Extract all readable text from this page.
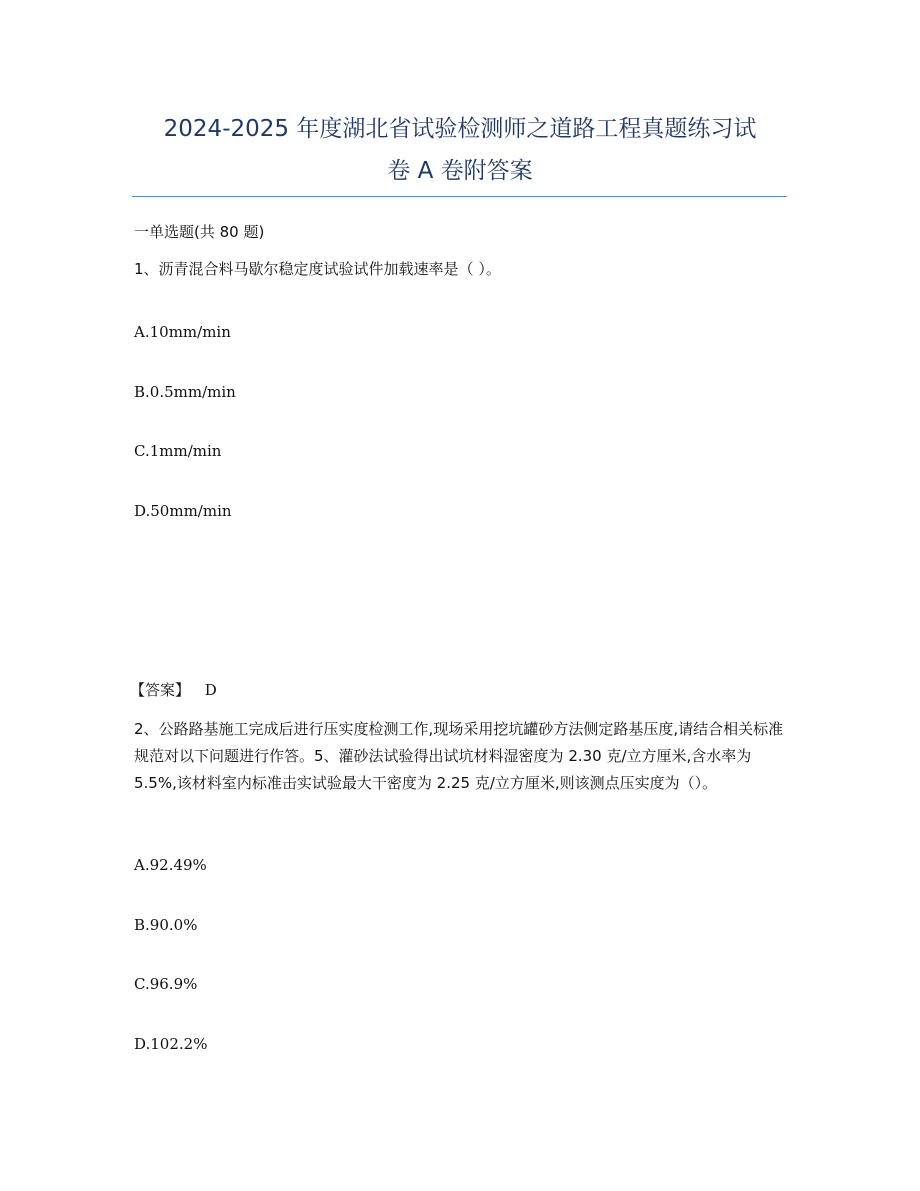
2024-2025 年度湖北省试验检测师之道路工程真题练习试
卷 A 卷附答案
一单选题(共 80 题)
1、沥青混合料马歇尔稳定度试验试件加载速率是（ ）。
A.10mm/min
B.0.5mm/min
C.1mm/min
D.50mm/min
【答案】 D
2、公路路基施工完成后进行压实度检测工作,现场采用挖坑罐砂方法侧定路基压度,请结合相关标准规范对以下问题进行作答。5、灌砂法试验得出试坑材料湿密度为 2.30 克/立方厘米,含水率为 5.5%,该材料室内标准击实试验最大干密度为 2.25 克/立方厘米,则该测点压实度为（）。
A.92.49%
B.90.0%
C.96.9%
D.102.2%
